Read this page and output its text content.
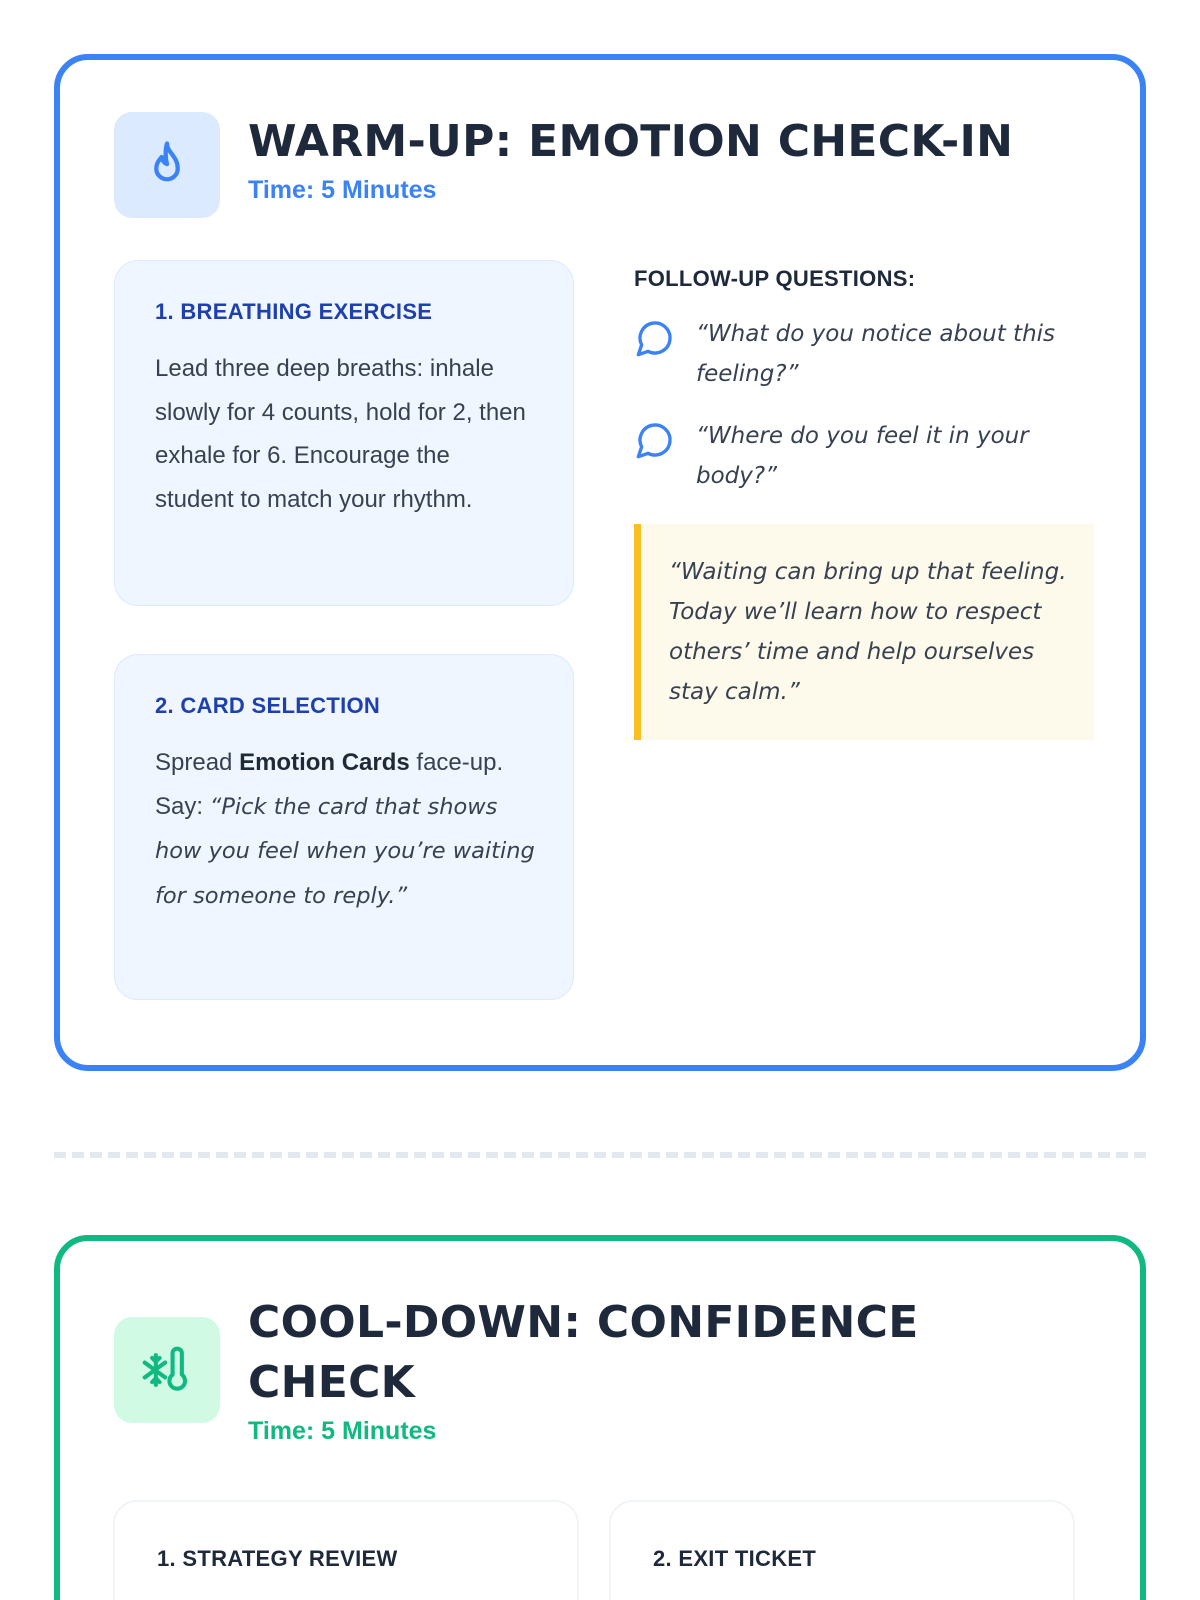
WARM-UP: EMOTION CHECK-IN
Time: 5 Minutes
1. BREATHING EXERCISE
Lead three deep breaths: inhale slowly for 4 counts, hold for 2, then exhale for 6. Encourage the student to match your rhythm.
2. CARD SELECTION
Spread Emotion Cards face-up. Say: “Pick the card that shows how you feel when you’re waiting for someone to reply.”
FOLLOW-UP QUESTIONS:
“What do you notice about this feeling?”
“Where do you feel it in your body?”
“Waiting can bring up that feeling. Today we’ll learn how to respect others’ time and help ourselves stay calm.”
COOL-DOWN: CONFIDENCE CHECK
Time: 5 Minutes
1. STRATEGY REVIEW	2. EXIT TICKET
